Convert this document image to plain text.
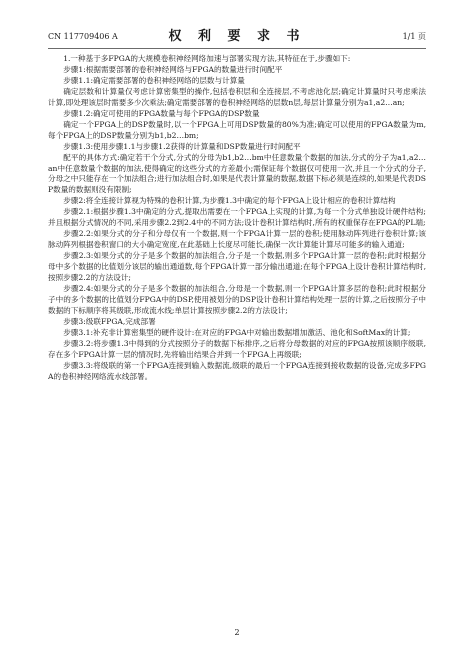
CN 117709406 A	权 利 要 求 书	1/1 页

1.一种基于多FPGA的大规模卷积神经网络加速与部署实现方法,其特征在于,步骤如下:

步骤1:根据需要部署的卷积神经网络与FPGA的数量进行时间配平

步骤1.1:确定需要部署的卷积神经网络的层数与计算量

确定层数和计算量仅考虑计算密集型的操作,包括卷积层和全连接层,不考虑池化层;确定计算量时只考虑乘法计算,即处理该层时需要多少次乘法;确定需要部署的卷积神经网络的层数n层,每层计算量分别为a1,a2…an;

步骤1.2:确定可使用的FPGA数量与每个FPGA的DSP数量

确定一个FPGA上的DSP数量时,以一个FPGA上可用DSP数量的80%为准;确定可以使用的FPGA数量为m,每个FPGA上的DSP数量分别为b1,b2…bm;

步骤1.3:使用步骤1.1与步骤1.2获得的计算量和DSP数量进行时间配平

配平的具体方式:确定若干个分式,分式的分母为b1,b2…bm中任意数量个数据的加法,分式的分子为a1,a2…an中任意数量个数据的加法,使得确定的这些分式的方差最小;需保证每个数据仅可使用一次,并且一个分式的分子,分母之中只能存在一个加法组合;进行加法组合时,如果是代表计算量的数据,数据下标必须是连续的,如果是代表DSP数量的数据则没有限制;

步骤2:将全连接计算视为特殊的卷积计算,为步骤1.3中确定的每个FPGA上设计相应的卷积计算结构

步骤2.1:根据步骤1.3中确定的分式,提取出需要在一个FPGA上实现的计算,为每一个分式单独设计硬件结构;并且根据分式情况的不同,采用步骤2.2到2.4中的不同方法;设计卷积计算结构时,所有的权重保存在FPGA的PL端;

步骤2.2:如果分式的分子和分母仅有一个数据,则一个FPGA计算一层的卷积;使用脉动阵列进行卷积计算;该脉动阵列根据卷积窗口的大小确定宽度,在此基础上长度尽可能长,确保一次计算能计算尽可能多的输入通道;

步骤2.3:如果分式的分子是多个数据的加法组合,分子是一个数据,则多个FPGA计算一层的卷积;此时根据分母中多个数据的比值划分该层的输出通道数,每个FPGA计算一部分输出通道;在每个FPGA上设计卷积计算结构时,按照步骤2.2的方法设计;

步骤2.4:如果分式的分子是多个数据的加法组合,分母是一个数据,则一个FPGA计算多层的卷积;此时根据分子中的多个数据的比值划分FPGA中的DSP,使用被划分的DSP设计卷积计算结构处理一层的计算,之后按照分子中数据的下标顺序将其级联,形成流水线;单层计算按照步骤2.2的方法设计;

步骤3:级联FPGA,完成部署

步骤3.1:补充非计算密集型的硬件设计:在对应的FPGA中对输出数据增加激活、池化和SoftMax的计算;

步骤3.2:将步骤1.3中得到的分式按照分子的数据下标排序,之后将分母数据的对应的FPGA按照该顺序级联,存在多个FPGA计算一层的情况时,先将输出结果合并到一个FPGA上再级联;

步骤3.3:将级联的第一个FPGA连接到输入数据流,级联的最后一个FPGA连接到接收数据的设备,完成多FPGA的卷积神经网络流水线部署。

2
